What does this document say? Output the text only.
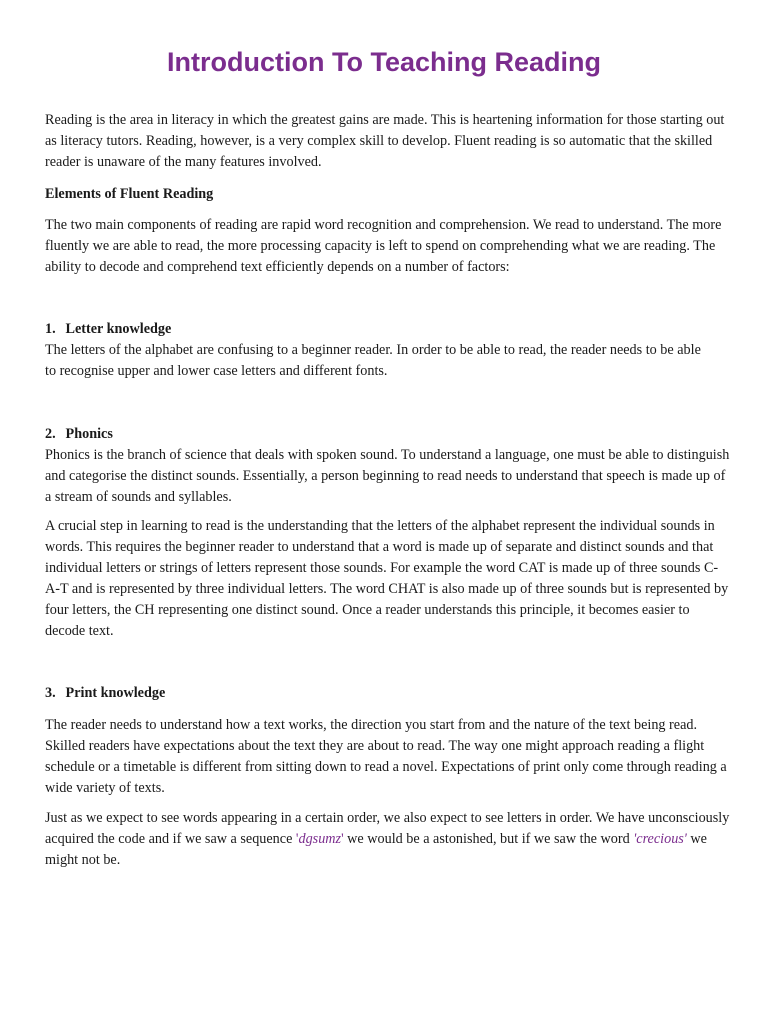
Introduction To Teaching Reading

Reading is the area in literacy in which the greatest gains are made. This is heartening information for those starting out as literacy tutors. Reading, however, is a very complex skill to develop. Fluent reading is so automatic that the skilled reader is unaware of the many features involved.

Elements of Fluent Reading

The two main components of reading are rapid word recognition and comprehension. We read to understand. The more fluently we are able to read, the more processing capacity is left to spend on comprehending what we are reading. The ability to decode and comprehend text efficiently depends on a number of factors:

1. Letter knowledge

The letters of the alphabet are confusing to a beginner reader. In order to be able to read, the reader needs to be able
to recognise upper and lower case letters and different fonts.

2. Phonics

Phonics is the branch of science that deals with spoken sound. To understand a language, one must be able to distinguish and categorise the distinct sounds. Essentially, a person beginning to read needs to understand that speech is made up of a stream of sounds and syllables.

A crucial step in learning to read is the understanding that the letters of the alphabet represent the individual sounds in words. This requires the beginner reader to understand that a word is made up of separate and distinct sounds and that individual letters or strings of letters represent those sounds. For example the word CAT is made up of three sounds C- A-T and is represented by three individual letters. The word CHAT is also made up of three sounds but is represented by four letters, the CH representing one distinct sound. Once a reader understands this principle, it becomes easier to decode text.

3. Print knowledge

The reader needs to understand how a text works, the direction you start from and the nature of the text being read. Skilled readers have expectations about the text they are about to read. The way one might approach reading a flight schedule or a timetable is different from sitting down to read a novel. Expectations of print only come through reading a wide variety of texts.

Just as we expect to see words appearing in a certain order, we also expect to see letters in order. We have unconsciously acquired the code and if we saw a sequence 'dgsumz' we would be a astonished, but if we saw the word 'crecious' we might not be.
